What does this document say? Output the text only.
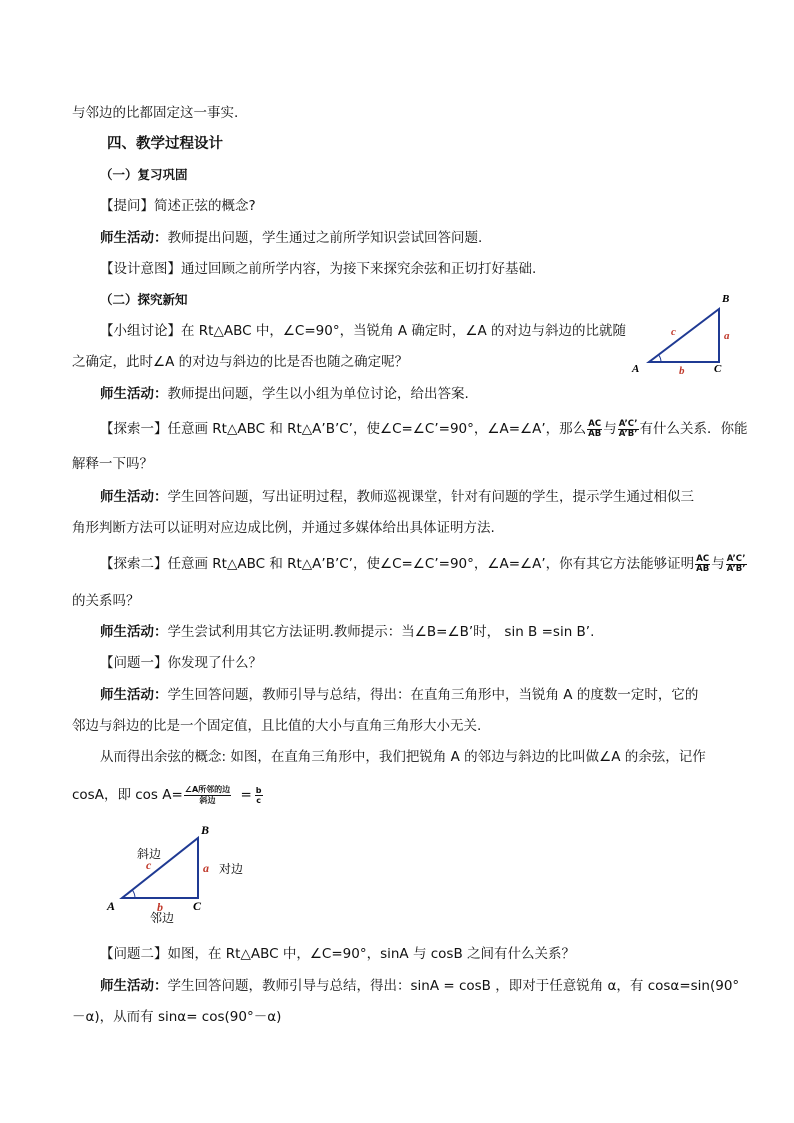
与邻边的比都固定这一事实.
四、教学过程设计
（一）复习巩固
【提问】简述正弦的概念?
师生活动：教师提出问题，学生通过之前所学知识尝试回答问题.
【设计意图】通过回顾之前所学内容，为接下来探究余弦和正切打好基础.
（二）探究新知
【小组讨论】在 Rt△ABC 中，∠C=90°，当锐角 A 确定时，∠A 的对边与斜边的比就随
之确定，此时∠A 的对边与斜边的比是否也随之确定呢？	A
B
C
a
b
c
师生活动：教师提出问题，学生以小组为单位讨论，给出答案.
【探索一】任意画 Rt△ABC 和 Rt△A’B’C’，使∠C=∠C’=90°，∠A=∠A’，那么 $\frac{AC}{AB}$ 与 $\frac{A’C’}{A’B’}$ 有什么关系．你能
解释一下吗？
师生活动：学生回答问题，写出证明过程，教师巡视课堂，针对有问题的学生，提示学生通过相似三
角形判断方法可以证明对应边成比例，并通过多媒体给出具体证明方法.
【探索二】任意画 Rt△ABC 和 Rt△A’B’C’，使∠C=∠C’=90°，∠A=∠A’，你有其它方法能够证明 $\frac{AC}{AB}$ 与 $\frac{A’C’}{A’B’}$
的关系吗？
师生活动：学生尝试利用其它方法证明.教师提示：当∠B=∠B’时， sin B =sin B’.
【问题一】你发现了什么？
师生活动：学生回答问题，教师引导与总结，得出：在直角三角形中，当锐角 A 的度数一定时，它的
邻边与斜边的比是一个固定值，且比值的大小与直角三角形大小无关.
从而得出余弦的概念: 如图，在直角三角形中，我们把锐角 A 的邻边与斜边的比叫做∠A 的余弦，记作
cosA，即 $\cos A= \frac{\text{∠A所邻的边}}{\text{斜边}} = \frac{b}{c}$
A
B
C
a
b
c
斜边
对边
邻边
【问题二】如图，在 Rt△ABC 中，∠C=90°，sinA 与 cosB 之间有什么关系？
师生活动：学生回答问题，教师引导与总结，得出：sinA = cosB ，即对于任意锐角 α，有 cosα=sin(90°
－α)，从而有 sinα= cos(90°－α)
